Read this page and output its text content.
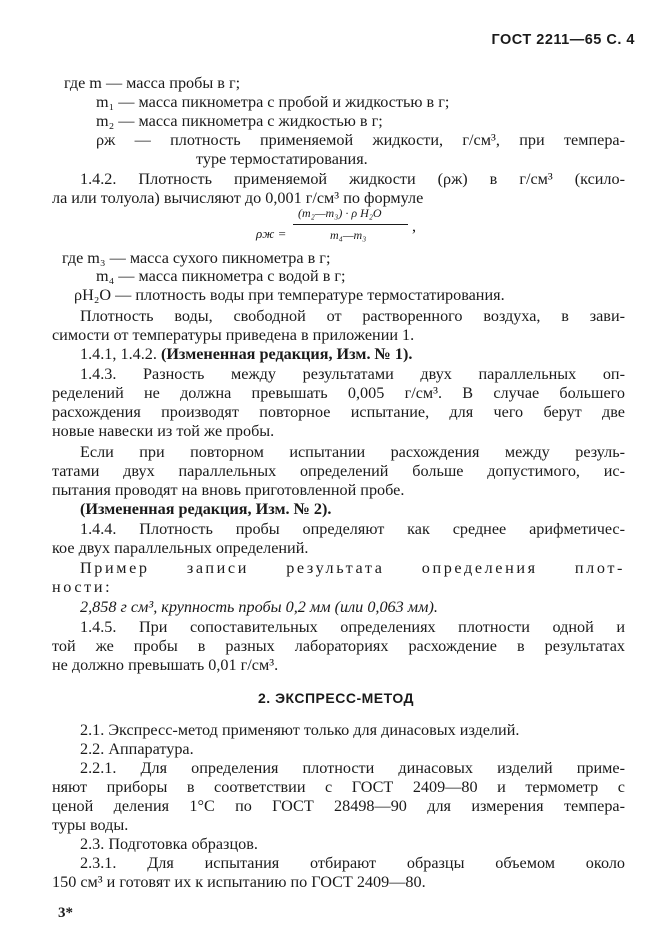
ГОСТ 2211—65 С. 4
где m — масса пробы в г;
m₁ — масса пикнометра с пробой и жидкостью в г;
m₂ — масса пикнометра с жидкостью в г;
ρж — плотность применяемой жидкости, г/см³, при темпера-
туре термостатирования.
1.4.2. Плотность применяемой жидкости (ρж) в г/см³ (ксило-
ла или толуола) вычисляют до 0,001 г/см³ по формуле
ρж =
(m₂—m₃) · ρ H₂O
m₄—m₃	,
где m₃ — масса сухого пикнометра в г;
m₄ — масса пикнометра с водой в г;
ρH₂O — плотность воды при температуре термостатирования.
Плотность воды, свободной от растворенного воздуха, в зави-
симости от температуры приведена в приложении 1.
1.4.1, 1.4.2. (Измененная редакция, Изм. № 1).
1.4.3. Разность между результатами двух параллельных оп-
ределений не должна превышать 0,005 г/см³. В случае большего
расхождения производят повторное испытание, для чего берут две
новые навески из той же пробы.
Если при повторном испытании расхождения между резуль-
татами двух параллельных определений больше допустимого, ис-
пытания проводят на вновь приготовленной пробе.
(Измененная редакция, Изм. № 2).
1.4.4. Плотность пробы определяют как среднее арифметичес-
кое двух параллельных определений.
Пример записи результата определения плот-
ности:
2,858 г см³, крупность пробы 0,2 мм (или 0,063 мм).
1.4.5. При сопоставительных определениях плотности одной и
той же пробы в разных лабораториях расхождение в результатах
не должно превышать 0,01 г/см³.
2. ЭКСПРЕСС-МЕТОД
2.1. Экспресс-метод применяют только для динасовых изделий.
2.2. Аппаратура.
2.2.1. Для определения плотности динасовых изделий приме-
няют приборы в соответствии с ГОСТ 2409—80 и термометр с
ценой деления 1°С по ГОСТ 28498—90 для измерения темпера-
туры воды.
2.3. Подготовка образцов.
2.3.1. Для испытания отбирают образцы объемом около
150 см³ и готовят их к испытанию по ГОСТ 2409—80.
3*
